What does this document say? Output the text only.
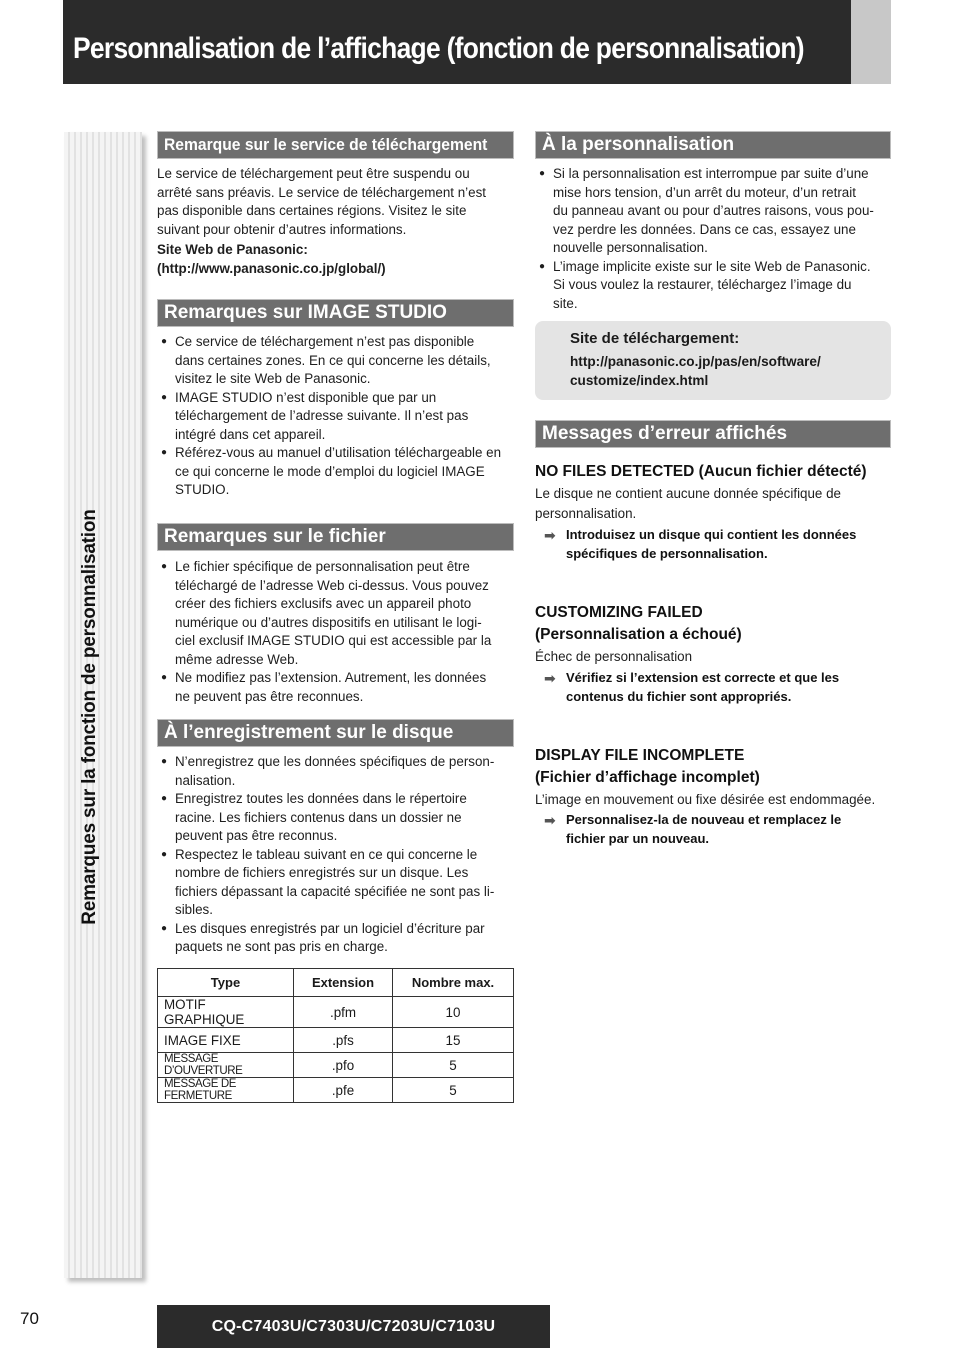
Personnalisation de l’affichage (fonction de personnalisation)
Remarques sur la fonction de personnalisation
Remarque sur le service de téléchargement
Le service de téléchargement peut être suspendu ou
arrêté sans préavis. Le service de téléchargement n’est
pas disponible dans certaines régions. Visitez le site
suivant pour obtenir d’autres informations.
Site Web de Panasonic:
(http://www.panasonic.co.jp/global/)
Remarques sur IMAGE STUDIO
● Ce service de téléchargement n’est pas disponible
dans certaines zones. En ce qui concerne les détails,
visitez le site Web de Panasonic.
● IMAGE STUDIO n’est disponible que par un
téléchargement de l’adresse suivante. Il n’est pas
intégré dans cet appareil.
● Référez-vous au manuel d’utilisation téléchargeable en
ce qui concerne le mode d’emploi du logiciel IMAGE
STUDIO.
Remarques sur le fichier
● Le fichier spécifique de personnalisation peut être
téléchargé de l’adresse Web ci-dessus. Vous pouvez
créer des fichiers exclusifs avec un appareil photo
numérique ou d’autres dispositifs en utilisant le logi-
ciel exclusif IMAGE STUDIO qui est accessible par la
même adresse Web.
● Ne modifiez pas l’extension. Autrement, les données
ne peuvent pas être reconnues.
À l’enregistrement sur le disque
● N’enregistrez que les données spécifiques de person-
nalisation.
● Enregistrez toutes les données dans le répertoire
racine. Les fichiers contenus dans un dossier ne
peuvent pas être reconnus.
● Respectez le tableau suivant en ce qui concerne le
nombre de fichiers enregistrés sur un disque. Les
fichiers dépassant la capacité spécifiée ne sont pas li-
sibles.
● Les disques enregistrés par un logiciel d’écriture par
paquets ne sont pas pris en charge.
Type	Extension	Nombre max.
MOTIF GRAPHIQUE	.pfm	10
IMAGE FIXE	.pfs	15
MESSAGE D’OUVERTURE	.pfo	5
MESSAGE DE FERMETURE	.pfe	5
À la personnalisation
● Si la personnalisation est interrompue par suite d’une
mise hors tension, d’un arrêt du moteur, d’un retrait
du panneau avant ou pour d’autres raisons, vous pou-
vez perdre les données. Dans ce cas, essayez une
nouvelle personnalisation.
● L’image implicite existe sur le site Web de Panasonic.
Si vous voulez la restaurer, téléchargez l’image du
site.
Site de téléchargement:
http://panasonic.co.jp/pas/en/software/
customize/index.html
Messages d’erreur affichés
NO FILES DETECTED (Aucun fichier détecté)
Le disque ne contient aucune donnée spécifique de
personnalisation.
➡ Introduisez un disque qui contient les données
spécifiques de personnalisation.
CUSTOMIZING FAILED
(Personnalisation a échoué)
Échec de personnalisation
➡ Vérifiez si l’extension est correcte et que les
contenus du fichier sont appropriés.
DISPLAY FILE INCOMPLETE
(Fichier d’affichage incomplet)
L’image en mouvement ou fixe désirée est endommagée.
➡ Personnalisez-la de nouveau et remplacez le
fichier par un nouveau.
70	CQ-C7403U/C7303U/C7203U/C7103U
